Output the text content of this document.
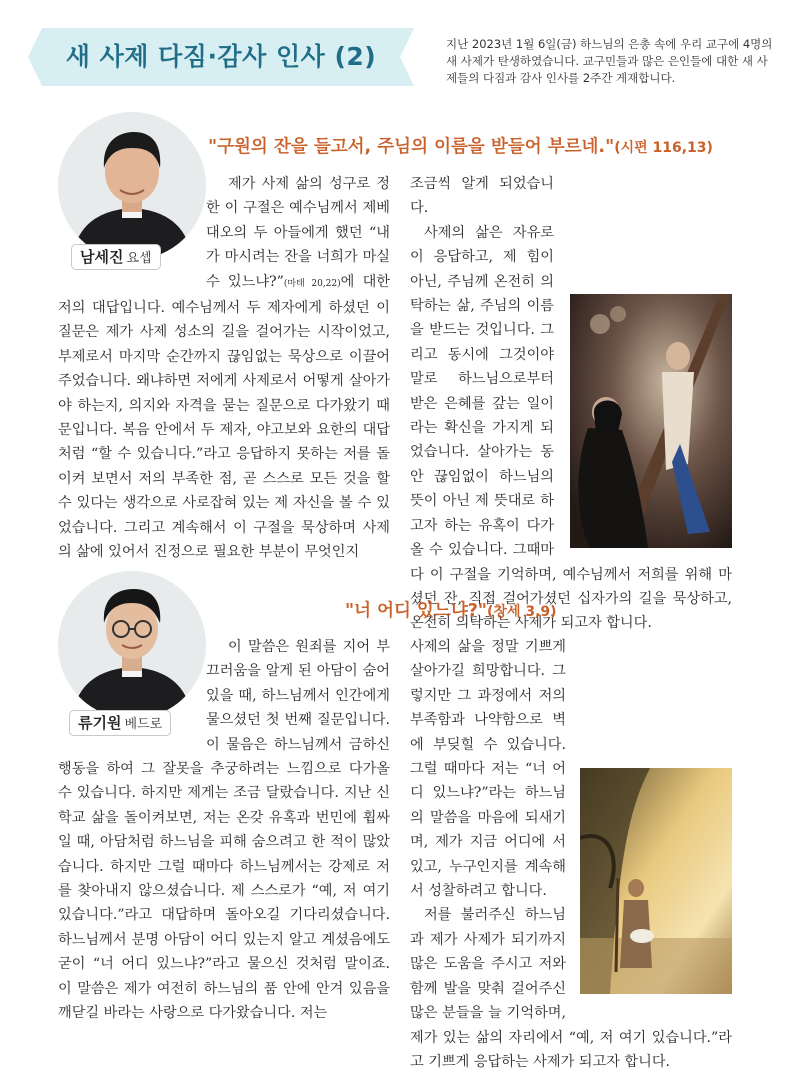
새 사제 다짐·감사 인사 (2)	지난 2023년 1월 6일(금) 하느님의 은총 속에 우리 교구에 4명의 새 사제가 탄생하였습니다. 교구민들과 많은 은인들에 대한 새 사제들의 다짐과 감사 인사를 2주간 게재합니다.
"구원의 잔을 들고서, 주님의 이름을 받들어 부르네."(시편 116,13)
남세진 요셉

제가 사제 삶의 성구로 정한 이 구절은 예수님께서 제베대오의 두 아들에게 했던 “내가 마시려는 잔을 너희가 마실 수 있느냐?”(마태 20,22)에 대한 저의 대답입니다. 예수님께서 두 제자에게 하셨던 이 질문은 제가 사제 성소의 길을 걸어가는 시작이었고, 부제로서 마지막 순간까지 끊임없는 묵상으로 이끌어 주었습니다. 왜냐하면 저에게 사제로서 어떻게 살아가야 하는지, 의지와 자격을 묻는 질문으로 다가왔기 때문입니다. 복음 안에서 두 제자, 야고보와 요한의 대답처럼 “할 수 있습니다.”라고 응답하지 못하는 저를 돌이켜 보면서 저의 부족한 점, 곧 스스로 모든 것을 할 수 있다는 생각으로 사로잡혀 있는 제 자신을 볼 수 있었습니다. 그리고 계속해서 이 구절을 묵상하며 사제의 삶에 있어서 진정으로 필요한 부분이 무엇인지

조금씩 알게 되었습니다.

사제의 삶은 자유로이 응답하고, 제 힘이 아닌, 주님께 온전히 의탁하는 삶, 주님의 이름을 받드는 것입니다. 그리고 동시에 그것이야말로 하느님으로부터 받은 은혜를 갚는 일이라는 확신을 가지게 되었습니다. 살아가는 동안 끊임없이 하느님의 뜻이 아닌 제 뜻대로 하고자 하는 유혹이 다가올 수 있습니다. 그때마다 이 구절을 기억하며, 예수님께서 저희를 위해 마셨던 잔, 직접 걸어가셨던 십자가의 길을 묵상하고, 온전히 의탁하는 사제가 되고자 합니다.

"너 어디 있느냐?"(창세 3,9)
류기원 베드로

이 말씀은 원죄를 지어 부끄러움을 알게 된 아담이 숨어있을 때, 하느님께서 인간에게 물으셨던 첫 번째 질문입니다. 이 물음은 하느님께서 금하신 행동을 하여 그 잘못을 추궁하려는 느낌으로 다가올 수 있습니다. 하지만 제게는 조금 달랐습니다. 지난 신학교 삶을 돌이켜보면, 저는 온갖 유혹과 번민에 휩싸일 때, 아담처럼 하느님을 피해 숨으려고 한 적이 많았습니다. 하지만 그럴 때마다 하느님께서는 강제로 저를 찾아내지 않으셨습니다. 제 스스로가 “예, 저 여기 있습니다.”라고 대답하며 돌아오길 기다리셨습니다. 하느님께서 분명 아담이 어디 있는지 알고 계셨음에도 굳이 “너 어디 있느냐?”라고 물으신 것처럼 말이죠. 이 말씀은 제가 여전히 하느님의 품 안에 안겨 있음을 깨닫길 바라는 사랑으로 다가왔습니다. 저는

사제의 삶을 정말 기쁘게 살아가길 희망합니다. 그렇지만 그 과정에서 저의 부족함과 나약함으로 벽에 부딪힐 수 있습니다. 그럴 때마다 저는 “너 어디 있느냐?”라는 하느님의 말씀을 마음에 되새기며, 제가 지금 어디에 서 있고, 누구인지를 계속해서 성찰하려고 합니다.

저를 불러주신 하느님과 제가 사제가 되기까지 많은 도움을 주시고 저와 함께 발을 맞춰 걸어주신 많은 분들을 늘 기억하며, 제가 있는 삶의 자리에서 “예, 저 여기 있습니다.”라고 기쁘게 응답하는 사제가 되고자 합니다.
